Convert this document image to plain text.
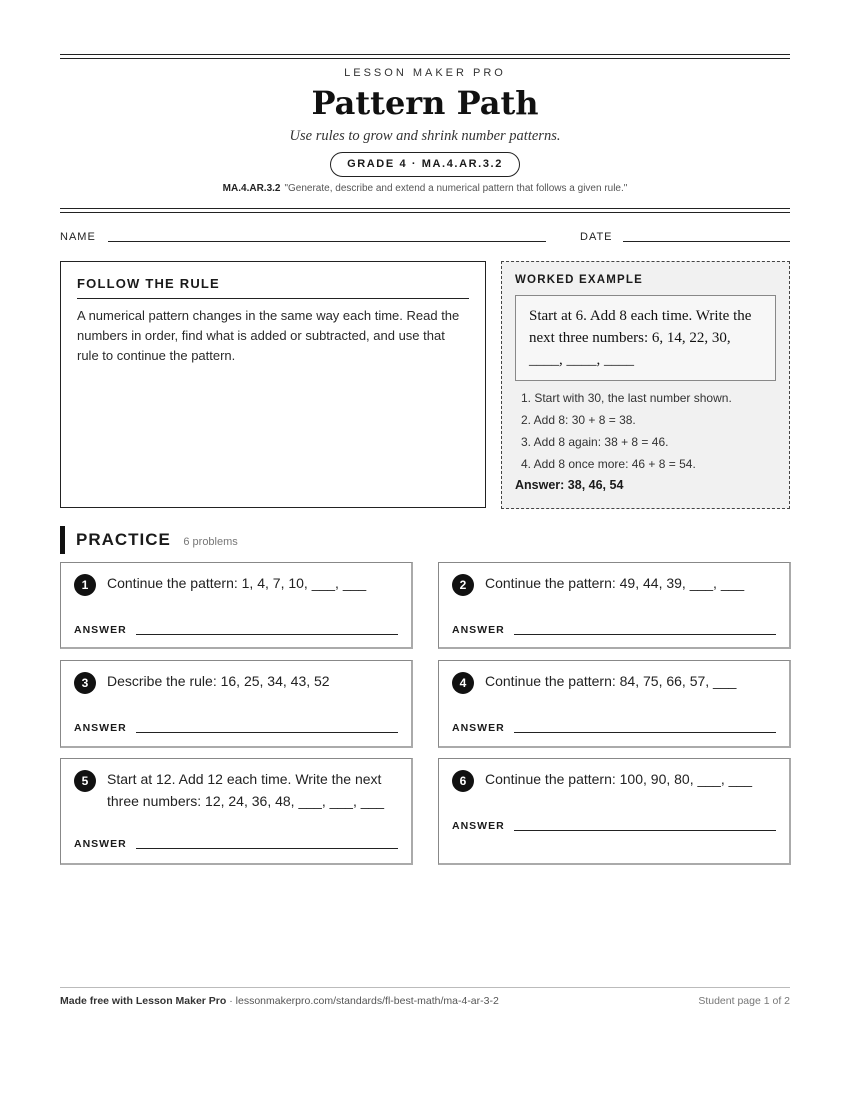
LESSON MAKER PRO
Pattern Path
Use rules to grow and shrink number patterns.
GRADE 4 · MA.4.AR.3.2
MA.4.AR.3.2 "Generate, describe and extend a numerical pattern that follows a given rule."
NAME	DATE
FOLLOW THE RULE

A numerical pattern changes in the same way each time. Read the numbers in order, find what is added or subtracted, and use that rule to continue the pattern.

WORKED EXAMPLE
Start at 6. Add 8 each time. Write the next three numbers: 6, 14, 22, 30, ____, ____, ____
1. Start with 30, the last number shown.
2. Add 8: 30 + 8 = 38.
3. Add 8 again: 38 + 8 = 46.
4. Add 8 once more: 46 + 8 = 54.
Answer: 38, 46, 54
PRACTICE 6 problems
1	Continue the pattern: 1, 4, 7, 10, ___, ___
ANSWER
2	Continue the pattern: 49, 44, 39, ___, ___
ANSWER
3	Describe the rule: 16, 25, 34, 43, 52
ANSWER
4	Continue the pattern: 84, 75, 66, 57, ___
ANSWER
5	Start at 12. Add 12 each time. Write the next three numbers: 12, 24, 36, 48, ___, ___, ___
ANSWER
6	Continue the pattern: 100, 90, 80, ___, ___
ANSWER
Made free with Lesson Maker Pro · lessonmakerpro.com/standards/fl-best-math/ma-4-ar-3-2	Student page 1 of 2
